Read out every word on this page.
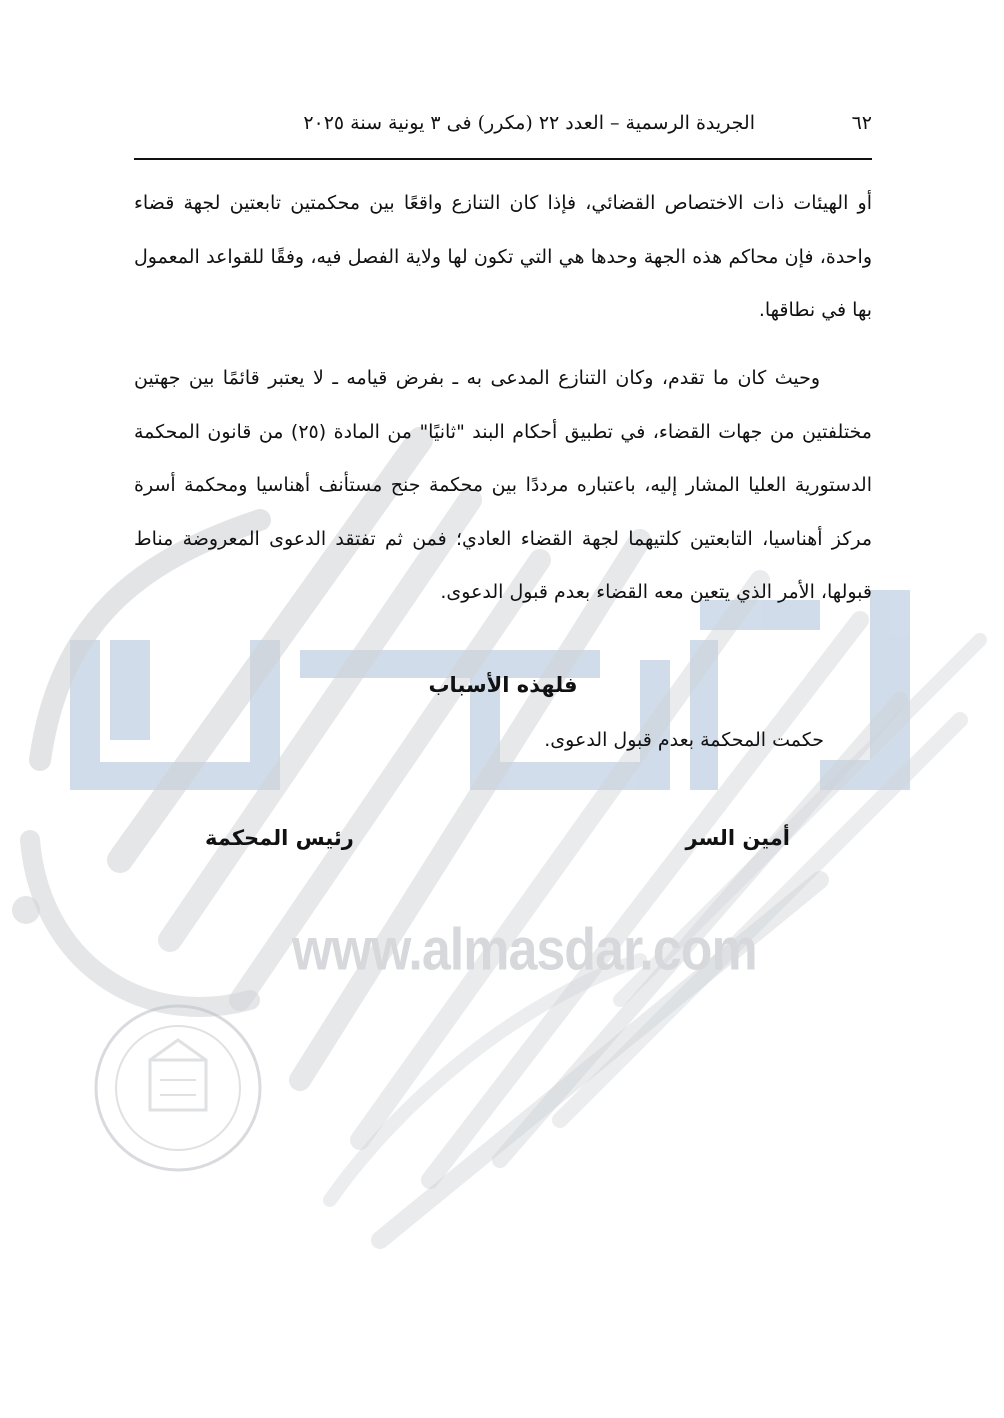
www.almasdar.com
٦٢
الجريدة الرسمية – العدد ٢٢ (مكرر) فى ٣ يونية سنة ٢٠٢٥

أو الهيئات ذات الاختصاص القضائي، فإذا كان التنازع واقعًا بين محكمتين تابعتين لجهة قضاء واحدة، فإن محاكم هذه الجهة وحدها هي التي تكون لها ولاية الفصل فيه، وفقًا للقواعد المعمول بها في نطاقها.

وحيث كان ما تقدم، وكان التنازع المدعى به ـ بفرض قيامه ـ لا يعتبر قائمًا بين جهتين مختلفتين من جهات القضاء، في تطبيق أحكام البند "ثانيًا" من المادة (٢٥) من قانون المحكمة الدستورية العليا المشار إليه، باعتباره مرددًا بين محكمة جنح مستأنف أهناسيا ومحكمة أسرة مركز أهناسيا، التابعتين كلتيهما لجهة القضاء العادي؛ فمن ثم تفتقد الدعوى المعروضة مناط قبولها، الأمر الذي يتعين معه القضاء بعدم قبول الدعوى.

فلهذه الأسباب
حكمت المحكمة بعدم قبول الدعوى.
أمين السر
رئيس المحكمة
